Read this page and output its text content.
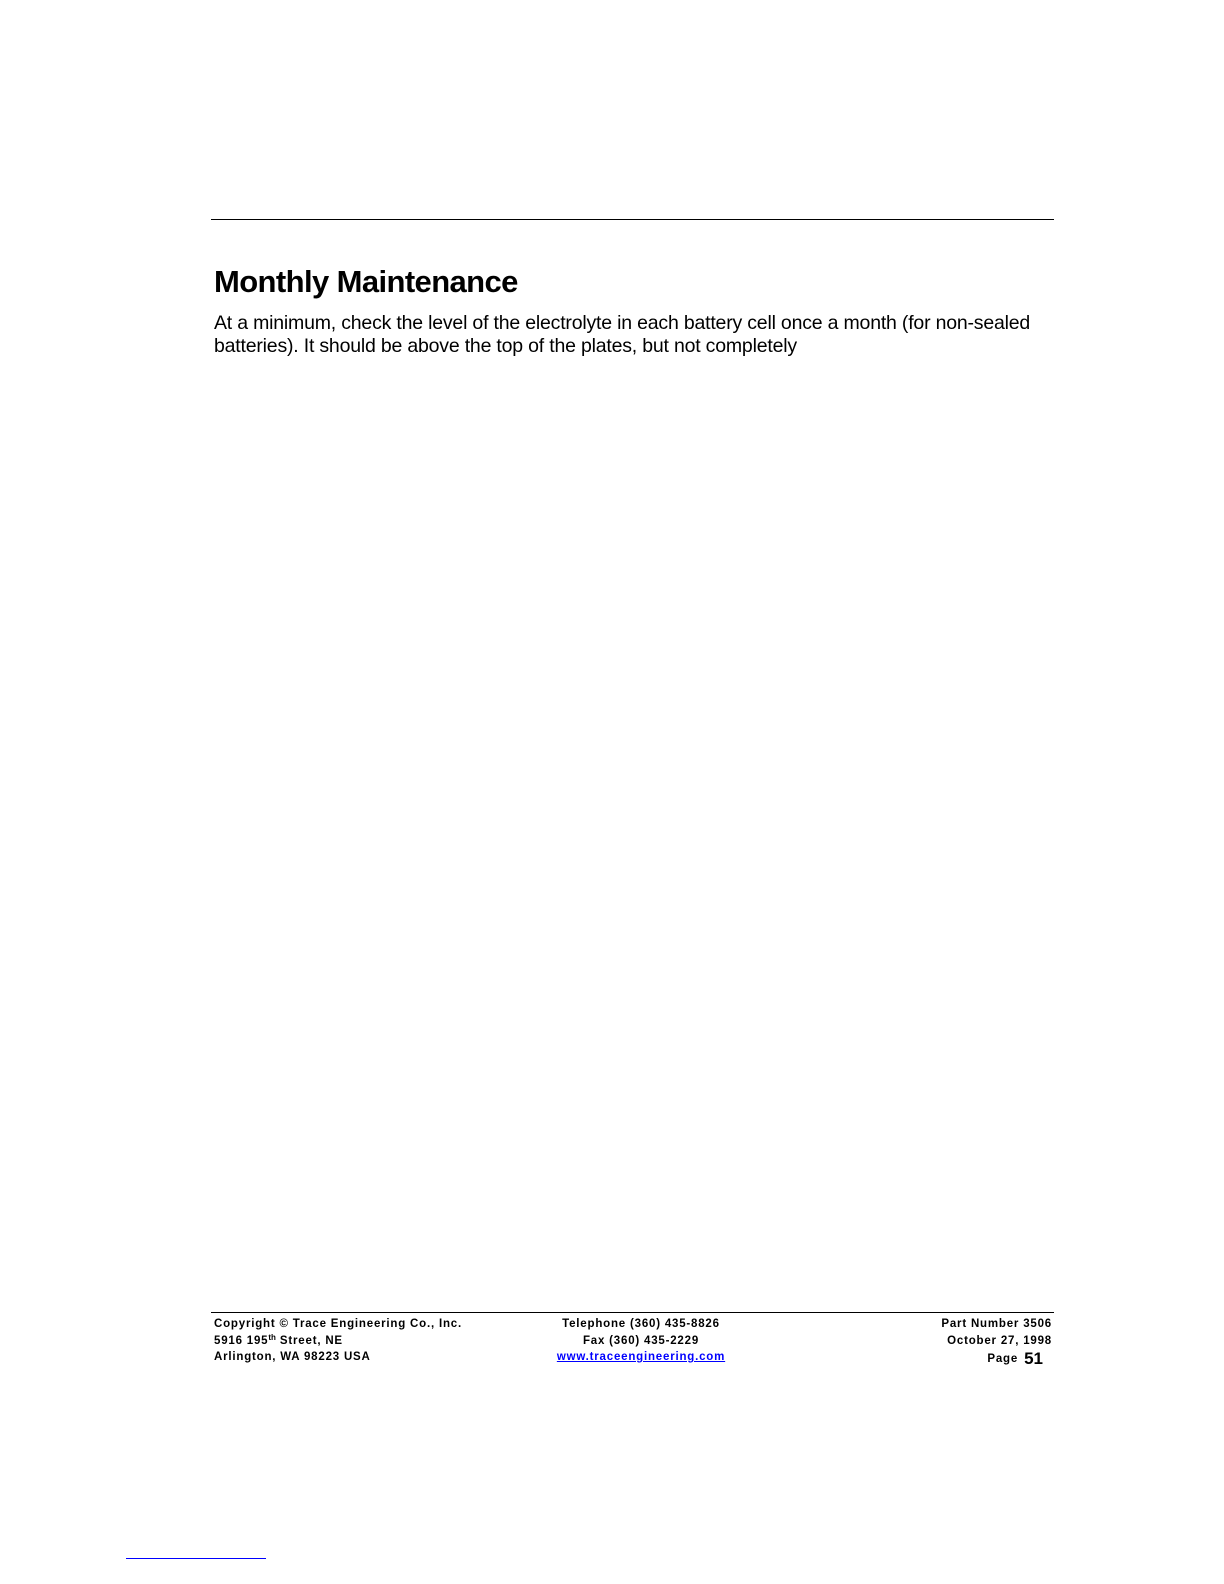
Monthly Maintenance

At a minimum, check the level of the electrolyte in each battery cell once a month (for non-sealed batteries). It should be above the top of the plates, but not completely

Copyright © Trace Engineering Co., Inc.
5916 195th Street, NE
Arlington, WA 98223 USA
Telephone (360) 435-8826
Fax (360) 435-2229
www.traceengineering.com
Part Number 3506
October 27, 1998
Page 51
